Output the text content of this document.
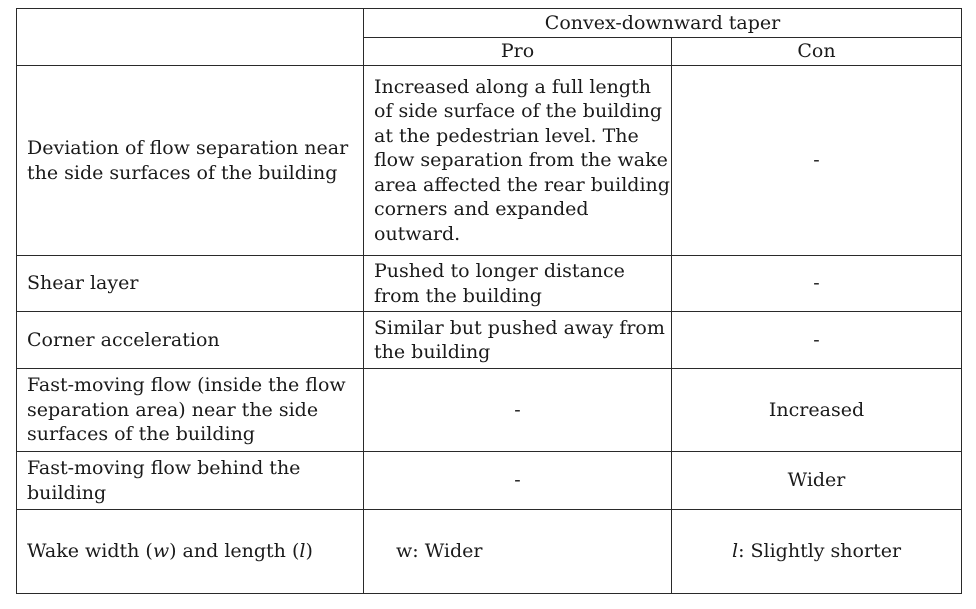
	Convex-downward taper	
	Pro	Con
Deviation of flow separation near the side surfaces of the building	Increased along a full length of side surface of the building at the pedestrian level. The flow separation from the wake area affected the rear building corners and expanded outward.	-
Shear layer	Pushed to longer distance from the building	-
Corner acceleration	Similar but pushed away from the building	-
Fast-moving flow (inside the flow separation area) near the side surfaces of the building	-	Increased
Fast-moving flow behind the building	-	Wider
Wake width (w) and length (l)	w: Wider	l: Slightly shorter
